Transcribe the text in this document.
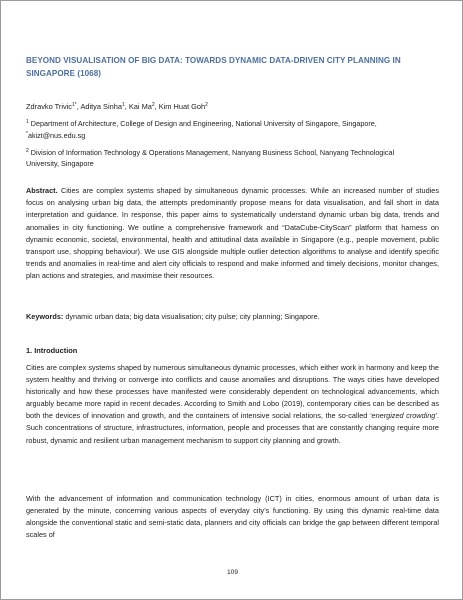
BEYOND VISUALISATION OF BIG DATA: TOWARDS DYNAMIC DATA-DRIVEN CITY PLANNING IN SINGAPORE (1068)
Zdravko Trivic$^{1*}$, Aditya Sinha$^1$, Kai Ma$^2$, Kim Huat Goh$^2$
$^1$ Department of Architecture, College of Design and Engineering, National University of Singapore, Singapore, *akizt@nus.edu.sg
$^2$ Division of Information Technology & Operations Management, Nanyang Business School, Nanyang Technological University, Singapore
Abstract. Cities are complex systems shaped by simultaneous dynamic processes. While an increased number of studies focus on analysing urban big data, the attempts predominantly propose means for data visualisation, and fall short in data interpretation and guidance. In response, this paper aims to systematically understand dynamic urban big data, trends and anomalies in city functioning. We outline a comprehensive framework and “DataCube-CityScan” platform that harness on dynamic economic, societal, environmental, health and attitudinal data available in Singapore (e.g., people movement, public transport use, shopping behaviour). We use GIS alongside multiple outlier detection algorithms to analyse and identify specific trends and anomalies in real-time and alert city officials to respond and make informed and timely decisions, monitor changes, plan actions and strategies, and maximise their resources.
Keywords: dynamic urban data; big data visualisation; city pulse; city planning; Singapore.
1. Introduction
Cities are complex systems shaped by numerous simultaneous dynamic processes, which either work in harmony and keep the system healthy and thriving or converge into conflicts and cause anomalies and disruptions. The ways cities have developed historically and how these processes have manifested were considerably dependent on technological advancements, which arguably became more rapid in recent decades. According to Smith and Lobo (2019), contemporary cities can be described as both the devices of innovation and growth, and the containers of intensive social relations, the so-called ‘energized crowding’. Such concentrations of structure, infrastructures, information, people and processes that are constantly changing require more robust, dynamic and resilient urban management mechanism to support city planning and growth.
With the advancement of information and communication technology (ICT) in cities, enormous amount of urban data is generated by the minute, concerning various aspects of everyday city’s functioning. By using this dynamic real-time data alongside the conventional static and semi-static data, planners and city officials can bridge the gap between different temporal scales of
109
